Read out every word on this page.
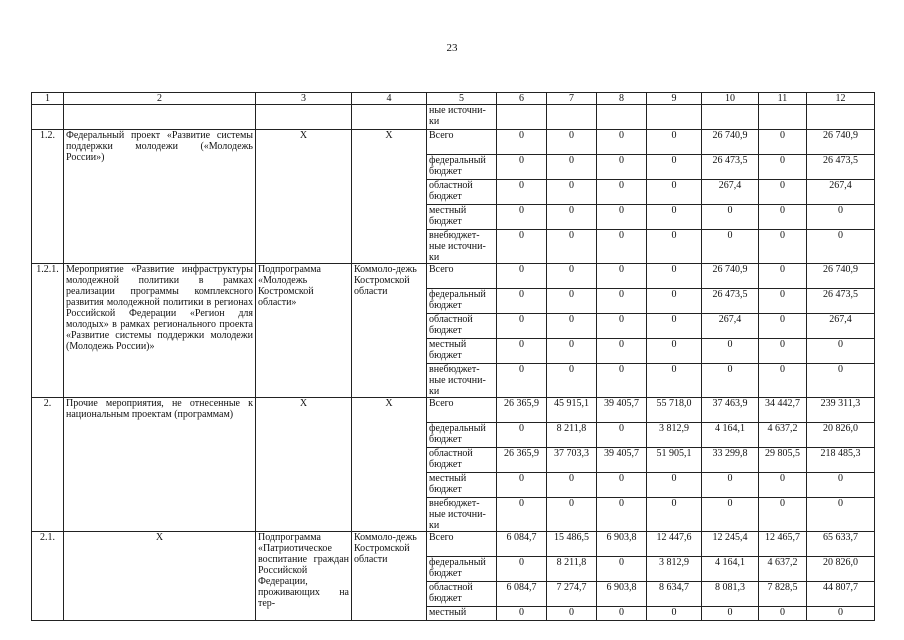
23
1	2	3	4	5	6	7	8	9	10	11	12
				ные источни-ки							
1.2.	Федеральный проект «Развитие системы поддержки молодежи («Молодежь России»)	Х	Х	Всего	0	0	0	0	26 740,9	0	26 740,9
				федеральный бюджет	0	0	0	0	26 473,5	0	26 473,5
				областной бюджет	0	0	0	0	267,4	0	267,4
				местный бюджет	0	0	0	0	0	0	0
				внебюджет-ные источни-ки	0	0	0	0	0	0	0
1.2.1.	Мероприятие «Развитие инфраструктуры молодежной политики в рамках реализации программы комплексного развития молодежной политики в регионах Российской Федерации «Регион для молодых» в рамках регионального проекта «Развитие системы поддержки молодежи (Молодежь России)»	Подпрограмма «Молодежь Костромской области»	Коммоло-дежь Костромской области	Всего	0	0	0	0	26 740,9	0	26 740,9
				федеральный бюджет	0	0	0	0	26 473,5	0	26 473,5
				областной бюджет	0	0	0	0	267,4	0	267,4
				местный бюджет	0	0	0	0	0	0	0
				внебюджет-ные источни-ки	0	0	0	0	0	0	0
2.	Прочие мероприятия, не отнесенные к национальным проектам (программам)	Х	Х	Всего	26 365,9	45 915,1	39 405,7	55 718,0	37 463,9	34 442,7	239 311,3
				федеральный бюджет	0	8 211,8	0	3 812,9	4 164,1	4 637,2	20 826,0
				областной бюджет	26 365,9	37 703,3	39 405,7	51 905,1	33 299,8	29 805,5	218 485,3
				местный бюджет	0	0	0	0	0	0	0
				внебюджет-ные источни-ки	0	0	0	0	0	0	0
2.1.	Х	Подпрограмма «Патриотическое воспитание граждан Российской Федерации, проживающих на тер-	Коммоло-дежь Костромской области	Всего	6 084,7	15 486,5	6 903,8	12 447,6	12 245,4	12 465,7	65 633,7
				федеральный бюджет	0	8 211,8	0	3 812,9	4 164,1	4 637,2	20 826,0
				областной бюджет	6 084,7	7 274,7	6 903,8	8 634,7	8 081,3	7 828,5	44 807,7
				местный	0	0	0	0	0	0	0
